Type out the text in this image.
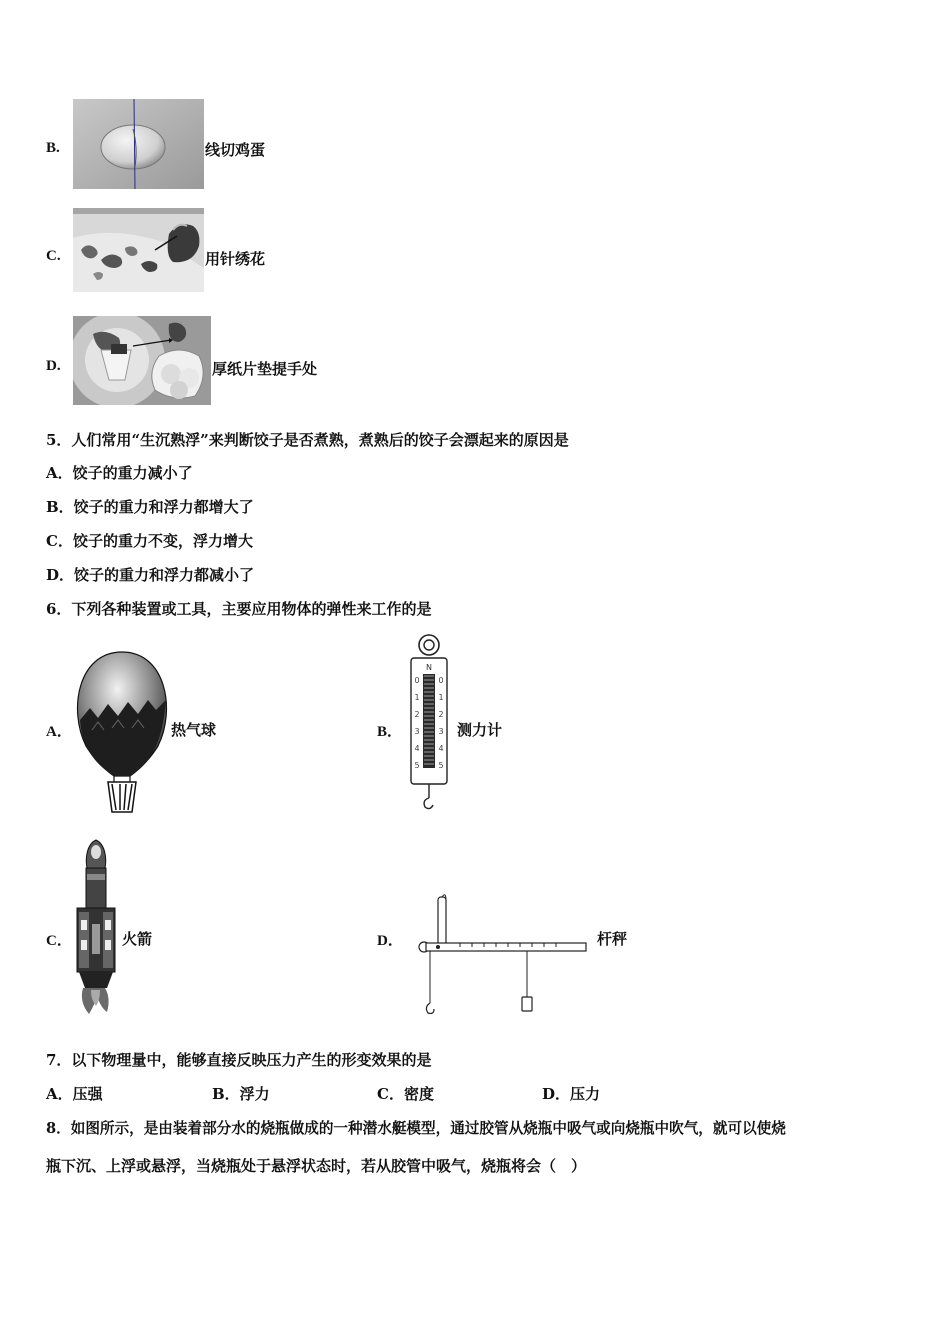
B.	线切鸡蛋
C.	用针绣花
D.	厚纸片垫提手处
5．人们常用“生沉熟浮”来判断饺子是否煮熟，煮熟后的饺子会漂起来的原因是
A．饺子的重力减小了
B．饺子的重力和浮力都增大了
C．饺子的重力不变，浮力增大
D．饺子的重力和浮力都减小了
6．下列各种装置或工具，主要应用物体的弹性来工作的是
A．	热气球	B．
N
0
1
2
3
4
5
0
1
2
3
4
5
测力计
C．	火箭	D．	杆秤
7．以下物理量中，能够直接反映压力产生的形变效果的是
A．压强	B．浮力	C．密度	D．压力
8．如图所示，是由装着部分水的烧瓶做成的一种潜水艇模型，通过胶管从烧瓶中吸气或向烧瓶中吹气，就可以使烧
瓶下沉、上浮或悬浮，当烧瓶处于悬浮状态时，若从胶管中吸气，烧瓶将会（　）
